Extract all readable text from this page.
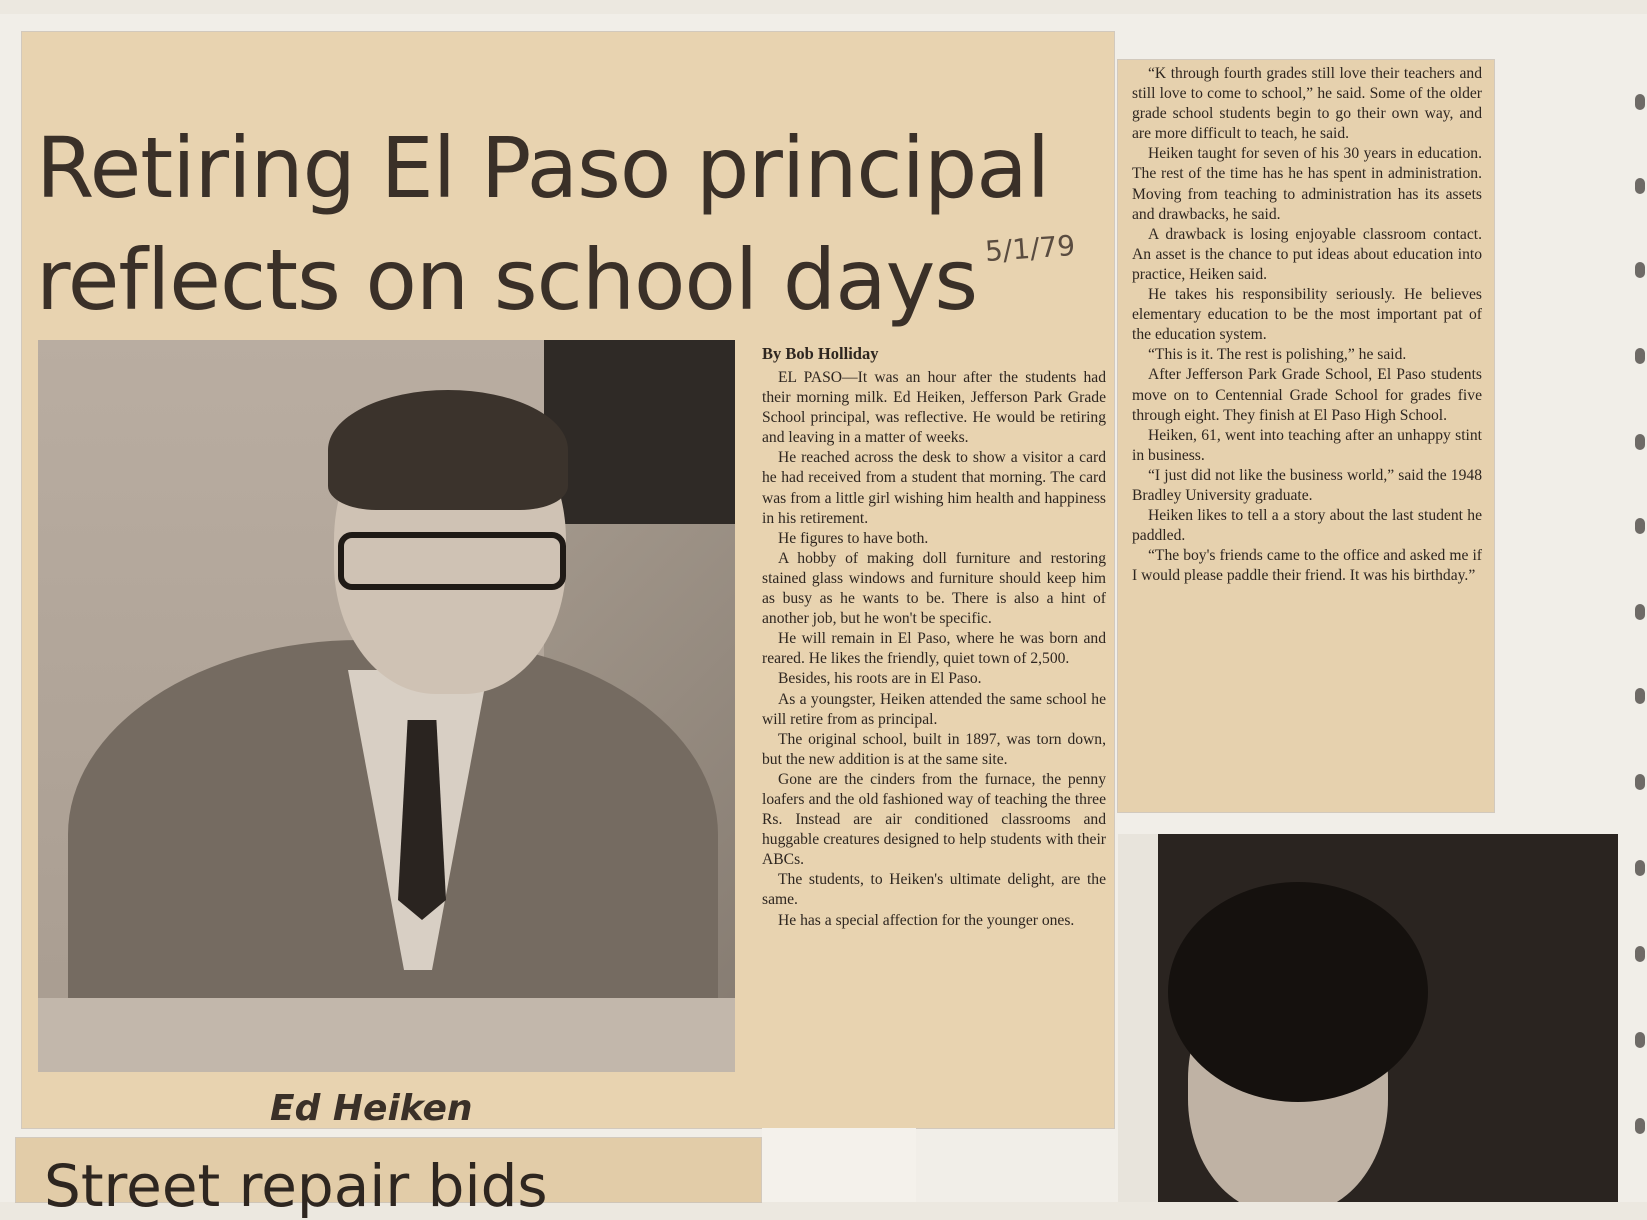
Retiring El Paso principal
reflects on school days 5/1/79

Ed Heiken

By Bob Holliday

EL PASO—It was an hour after the students had their morning milk. Ed Heiken, Jefferson Park Grade School principal, was reflective. He would be retiring and leaving in a matter of weeks.

He reached across the desk to show a visitor a card he had received from a student that morning. The card was from a little girl wishing him health and happiness in his retirement.

He figures to have both.

A hobby of making doll furniture and restoring stained glass windows and furniture should keep him as busy as he wants to be. There is also a hint of another job, but he won't be specific.

He will remain in El Paso, where he was born and reared. He likes the friendly, quiet town of 2,500.

Besides, his roots are in El Paso.

As a youngster, Heiken attended the same school he will retire from as principal.

The original school, built in 1897, was torn down, but the new addition is at the same site.

Gone are the cinders from the furnace, the penny loafers and the old fashioned way of teaching the three Rs. Instead are air conditioned classrooms and huggable creatures designed to help students with their ABCs.

The students, to Heiken's ultimate delight, are the same.

He has a special affection for the younger ones.

“K through fourth grades still love their teachers and still love to come to school,” he said. Some of the older grade school students begin to go their own way, and are more difficult to teach, he said.

Heiken taught for seven of his 30 years in education. The rest of the time has he has spent in administration. Moving from teaching to administration has its assets and drawbacks, he said.

A drawback is losing enjoyable classroom contact. An asset is the chance to put ideas about education into practice, Heiken said.

He takes his responsibility seriously. He believes elementary education to be the most important pat of the education system.

“This is it. The rest is polishing,” he said.

After Jefferson Park Grade School, El Paso students move on to Centennial Grade School for grades five through eight. They finish at El Paso High School.

Heiken, 61, went into teaching after an unhappy stint in business.

“I just did not like the business world,” said the 1948 Bradley University graduate.

Heiken likes to tell a a story about the last student he paddled.

“The boy's friends came to the office and asked me if I would please paddle their friend. It was his birthday.”

Street repair bids
